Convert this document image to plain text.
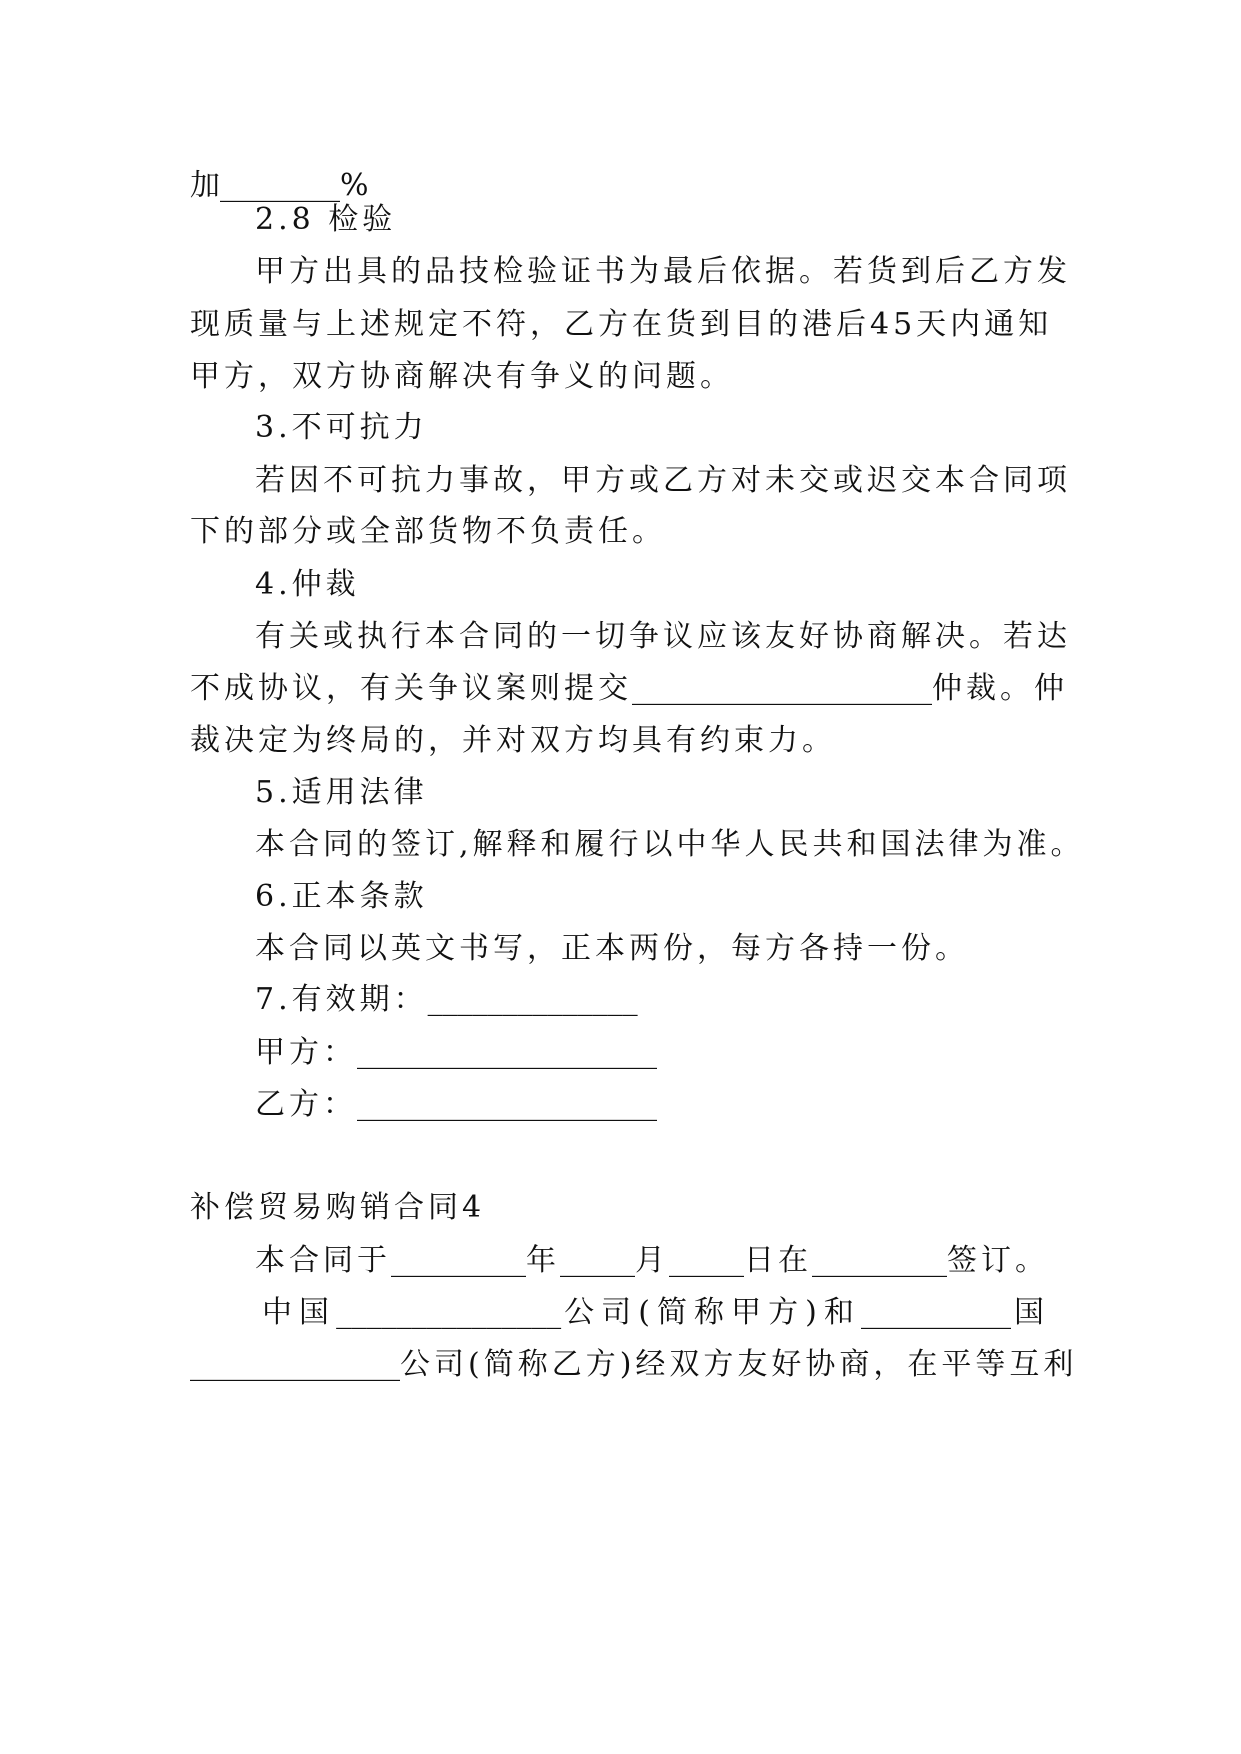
加________%
2.8 检验
甲方出具的品技检验证书为最后依据。若货到后乙方发
现质量与上述规定不符，乙方在货到目的港后45天内通知
甲方，双方协商解决有争义的问题。
3.不可抗力
若因不可抗力事故，甲方或乙方对未交或迟交本合同项
下的部分或全部货物不负责任。
4.仲裁
有关或执行本合同的一切争议应该友好协商解决。若达
不成协议，有关争议案则提交____________________仲裁。仲
裁决定为终局的，并对双方均具有约束力。
5.适用法律
本合同的签订,解释和履行以中华人民共和国法律为准。
6.正本条款
本合同以英文书写，正本两份，每方各持一份。
7.有效期：______________
甲方：____________________
乙方：____________________
补偿贸易购销合同4
本合同于_________年_____月_____日在_________签订。
中国_______________公司(简称甲方)和__________国
______________公司(简称乙方)经双方友好协商，在平等互利
